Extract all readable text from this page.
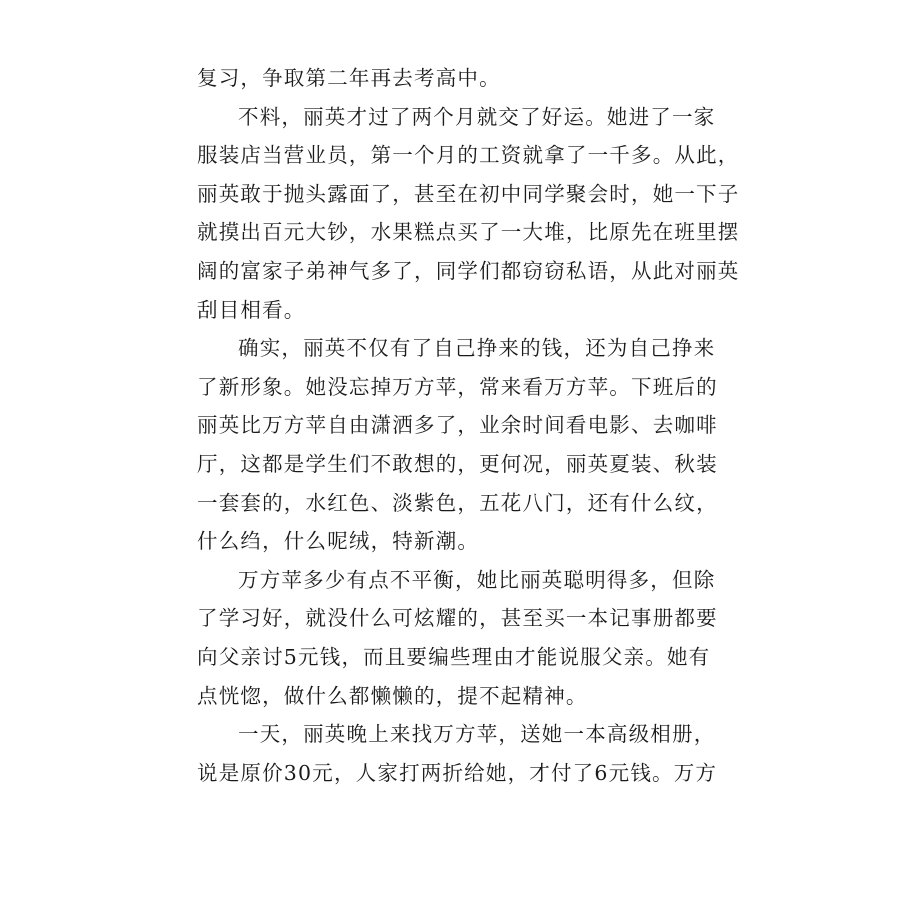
复习，争取第二年再去考高中。
不料，丽英才过了两个月就交了好运。她进了一家
服装店当营业员，第一个月的工资就拿了一千多。从此，
丽英敢于抛头露面了，甚至在初中同学聚会时，她一下子
就摸出百元大钞，水果糕点买了一大堆，比原先在班里摆
阔的富家子弟神气多了，同学们都窃窃私语，从此对丽英
刮目相看。
确实，丽英不仅有了自己挣来的钱，还为自己挣来
了新形象。她没忘掉万方苹，常来看万方苹。下班后的
丽英比万方苹自由潇洒多了，业余时间看电影、去咖啡
厅，这都是学生们不敢想的，更何况，丽英夏装、秋装
一套套的，水红色、淡紫色，五花八门，还有什么纹，
什么绉，什么呢绒，特新潮。
万方苹多少有点不平衡，她比丽英聪明得多，但除
了学习好，就没什么可炫耀的，甚至买一本记事册都要
向父亲讨5元钱，而且要编些理由才能说服父亲。她有
点恍惚，做什么都懒懒的，提不起精神。
一天，丽英晚上来找万方苹，送她一本高级相册，
说是原价30元，人家打两折给她，才付了6元钱。万方
